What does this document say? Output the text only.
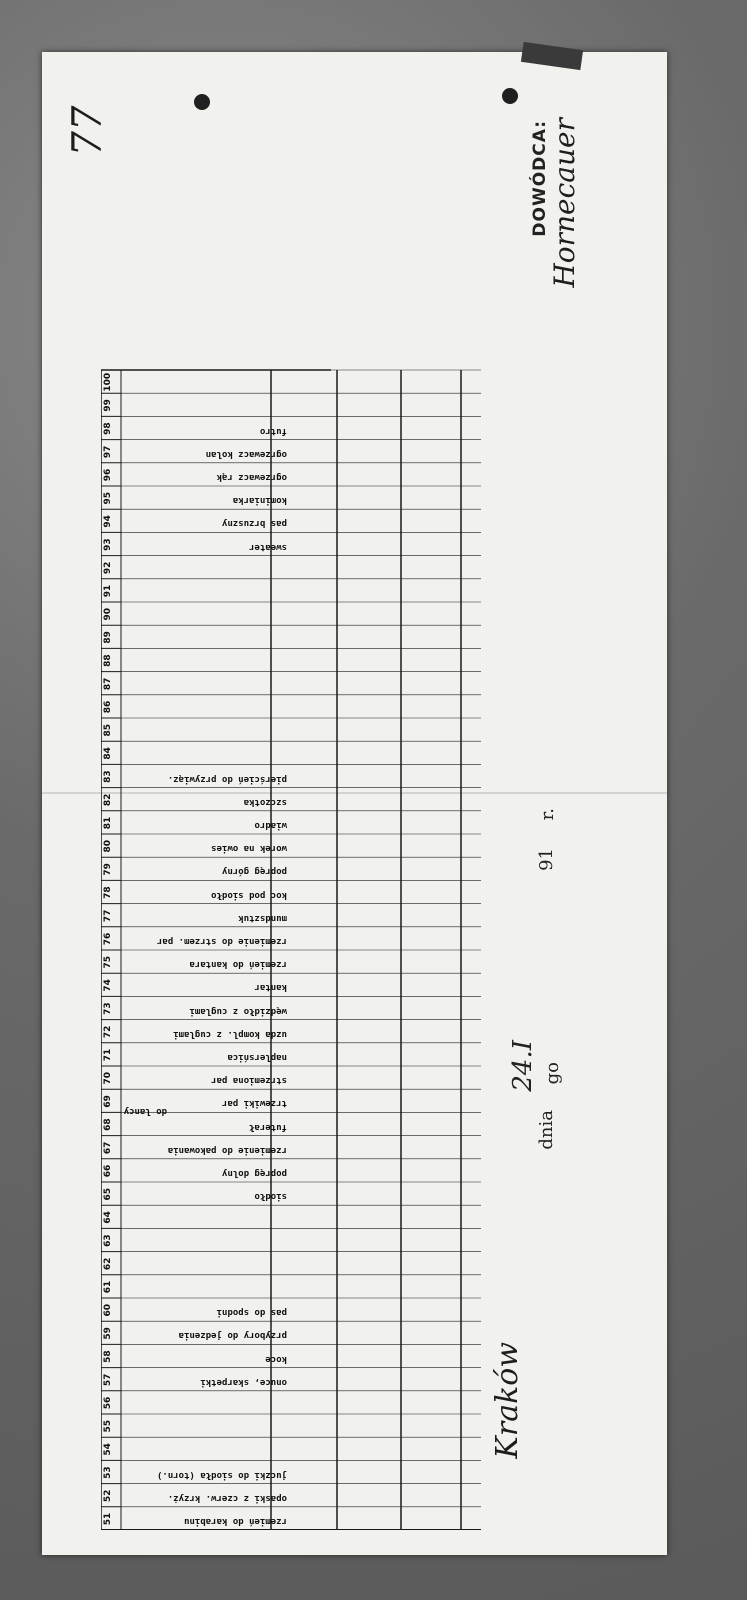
77
51	rzemień do karabinu
52	opaski z czerw. krzyż.
53	juczki do siodła (torn.)
54
55
56
57	onuce, skarpetki
58	koce
59	przybory do jedzenia
60	pas do spodni
61
62
63
64
65	siodło
66	popręg dolny
67	rzemienie do pakowania
68	futerał
69	trzewiki par
do lancy
70	strzemiona par
71	naplersńica
72	uzda kompl. z cuglami
73	wędzidło z cuglami
74	kantar
75	rzemień do kantara
76	rzemienie do strzem. par
77	mundsztuk
78	koc pod siodło
79	popręg górny
80	worek na owies
81	wiadro
82	szczotka
83	pierścień do przywiąz.
84
85
86
87
88
89
90
91
92
93	sweater
94	pas brzuszny
95	kominiarka
96	ogrzewacz rąk
97	ogrzewacz kolan
98	futro
99
100
DOWÓDCA:
Hornecauer
Kraków
dnia
24.I go
91
r.
